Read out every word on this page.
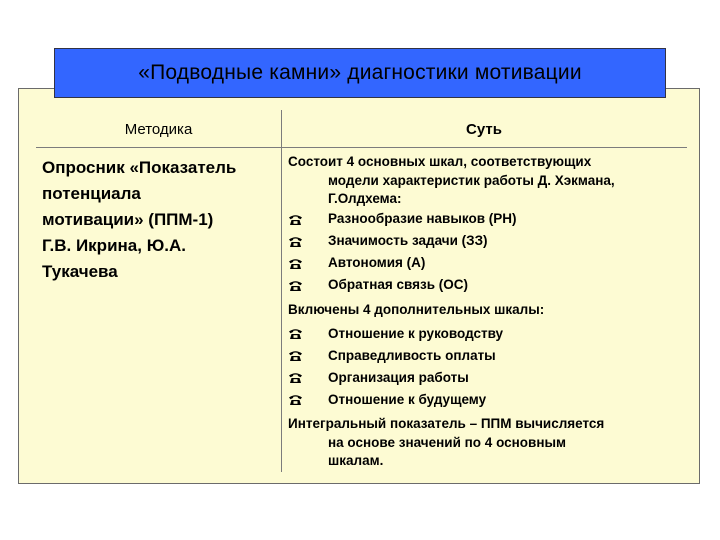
«Подводные камни» диагностики мотивации
Методика	Суть
Опросник «Показатель
потенциала
мотивации» (ППМ-1)
Г.В. Икрина, Ю.А.
Тукачева
Состоит 4 основных шкал, соответствующих
модели характеристик работы Д. Хэкмана,
Г.Олдхема:
Разнообразие навыков (РН)
Значимость задачи (ЗЗ)
Автономия (А)
Обратная связь (ОС)
Включены 4 дополнительных шкалы:
Отношение к руководству
Справедливость оплаты
Организация работы
Отношение к будущему
Интегральный показатель – ППМ вычисляется
на основе значений по 4 основным
шкалам.
